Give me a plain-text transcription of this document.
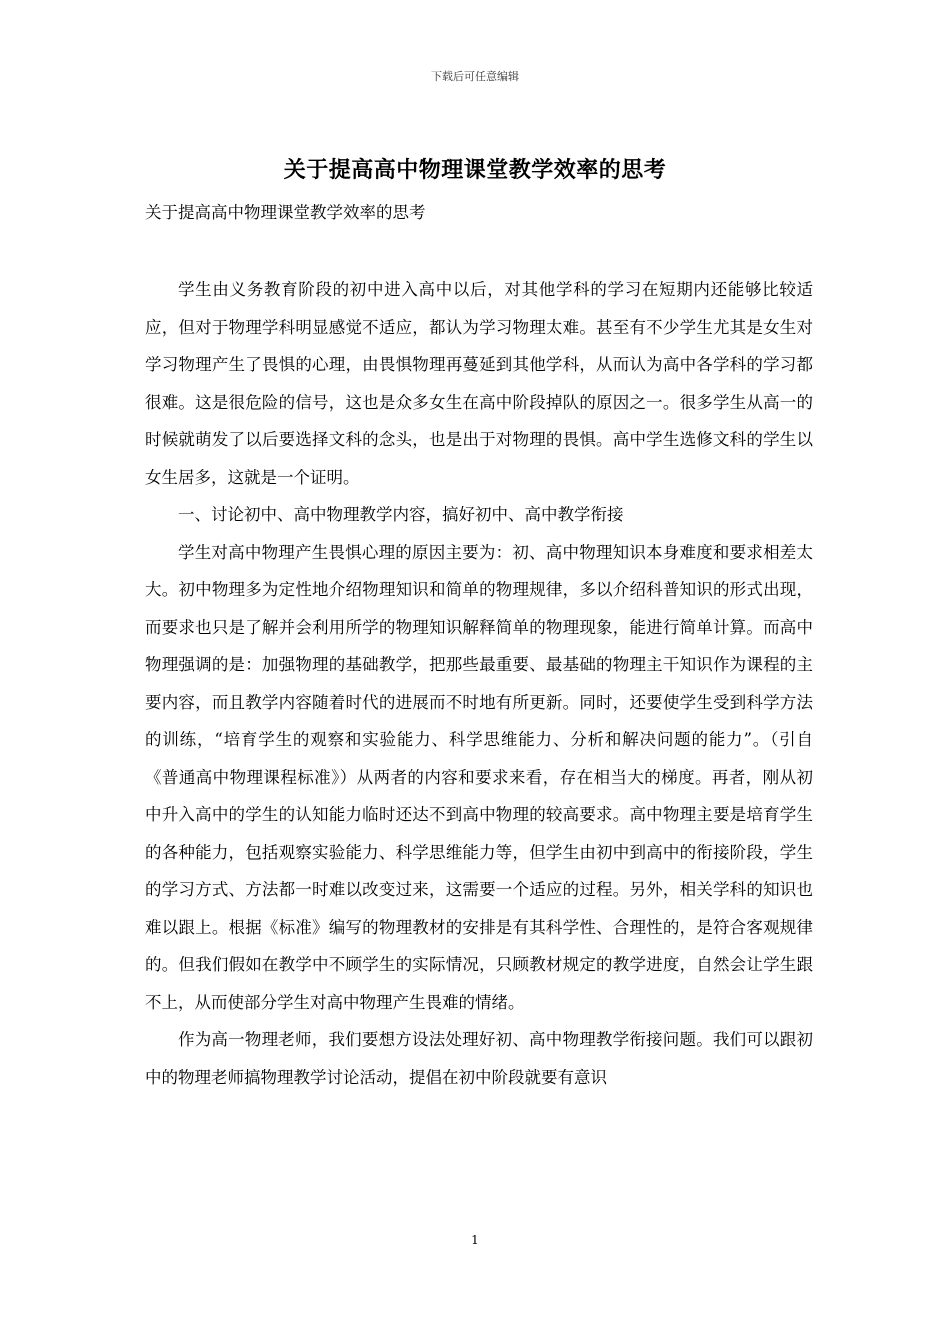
下载后可任意编辑
关于提高高中物理课堂教学效率的思考
关于提高高中物理课堂教学效率的思考

学生由义务教育阶段的初中进入高中以后，对其他学科的学习在短期内还能够比较适应，但对于物理学科明显感觉不适应，都认为学习物理太难。甚至有不少学生尤其是女生对学习物理产生了畏惧的心理，由畏惧物理再蔓延到其他学科，从而认为高中各学科的学习都很难。这是很危险的信号，这也是众多女生在高中阶段掉队的原因之一。很多学生从高一的时候就萌发了以后要选择文科的念头，也是出于对物理的畏惧。高中学生选修文科的学生以女生居多，这就是一个证明。

一、讨论初中、高中物理教学内容，搞好初中、高中教学衔接

学生对高中物理产生畏惧心理的原因主要为：初、高中物理知识本身难度和要求相差太大。初中物理多为定性地介绍物理知识和简单的物理规律，多以介绍科普知识的形式出现，而要求也只是了解并会利用所学的物理知识解释简单的物理现象，能进行简单计算。而高中物理强调的是：加强物理的基础教学，把那些最重要、最基础的物理主干知识作为课程的主要内容，而且教学内容随着时代的进展而不时地有所更新。同时，还要使学生受到科学方法的训练，“培育学生的观察和实验能力、科学思维能力、分析和解决问题的能力”。（引自《普通高中物理课程标准》）从两者的内容和要求来看，存在相当大的梯度。再者，刚从初中升入高中的学生的认知能力临时还达不到高中物理的较高要求。高中物理主要是培育学生的各种能力，包括观察实验能力、科学思维能力等，但学生由初中到高中的衔接阶段，学生的学习方式、方法都一时难以改变过来，这需要一个适应的过程。另外，相关学科的知识也难以跟上。根据《标准》编写的物理教材的安排是有其科学性、合理性的，是符合客观规律的。但我们假如在教学中不顾学生的实际情况，只顾教材规定的教学进度，自然会让学生跟不上，从而使部分学生对高中物理产生畏难的情绪。

作为高一物理老师，我们要想方设法处理好初、高中物理教学衔接问题。我们可以跟初中的物理老师搞物理教学讨论活动，提倡在初中阶段就要有意识

1
